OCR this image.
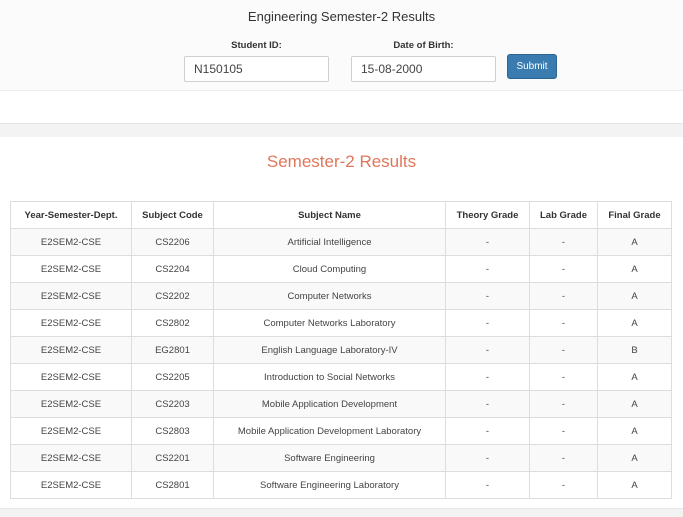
Engineering Semester-2 Results
Student ID:
N150105	Date of Birth:
15-08-2000
Submit
Semester-2 Results
Year-Semester-Dept.	Subject Code	Subject Name	Theory Grade	Lab Grade	Final Grade
E2SEM2-CSE	CS2206	Artificial Intelligence	-	-	A
E2SEM2-CSE	CS2204	Cloud Computing	-	-	A
E2SEM2-CSE	CS2202	Computer Networks	-	-	A
E2SEM2-CSE	CS2802	Computer Networks Laboratory	-	-	A
E2SEM2-CSE	EG2801	English Language Laboratory-IV	-	-	B
E2SEM2-CSE	CS2205	Introduction to Social Networks	-	-	A
E2SEM2-CSE	CS2203	Mobile Application Development	-	-	A
E2SEM2-CSE	CS2803	Mobile Application Development Laboratory	-	-	A
E2SEM2-CSE	CS2201	Software Engineering	-	-	A
E2SEM2-CSE	CS2801	Software Engineering Laboratory	-	-	A
